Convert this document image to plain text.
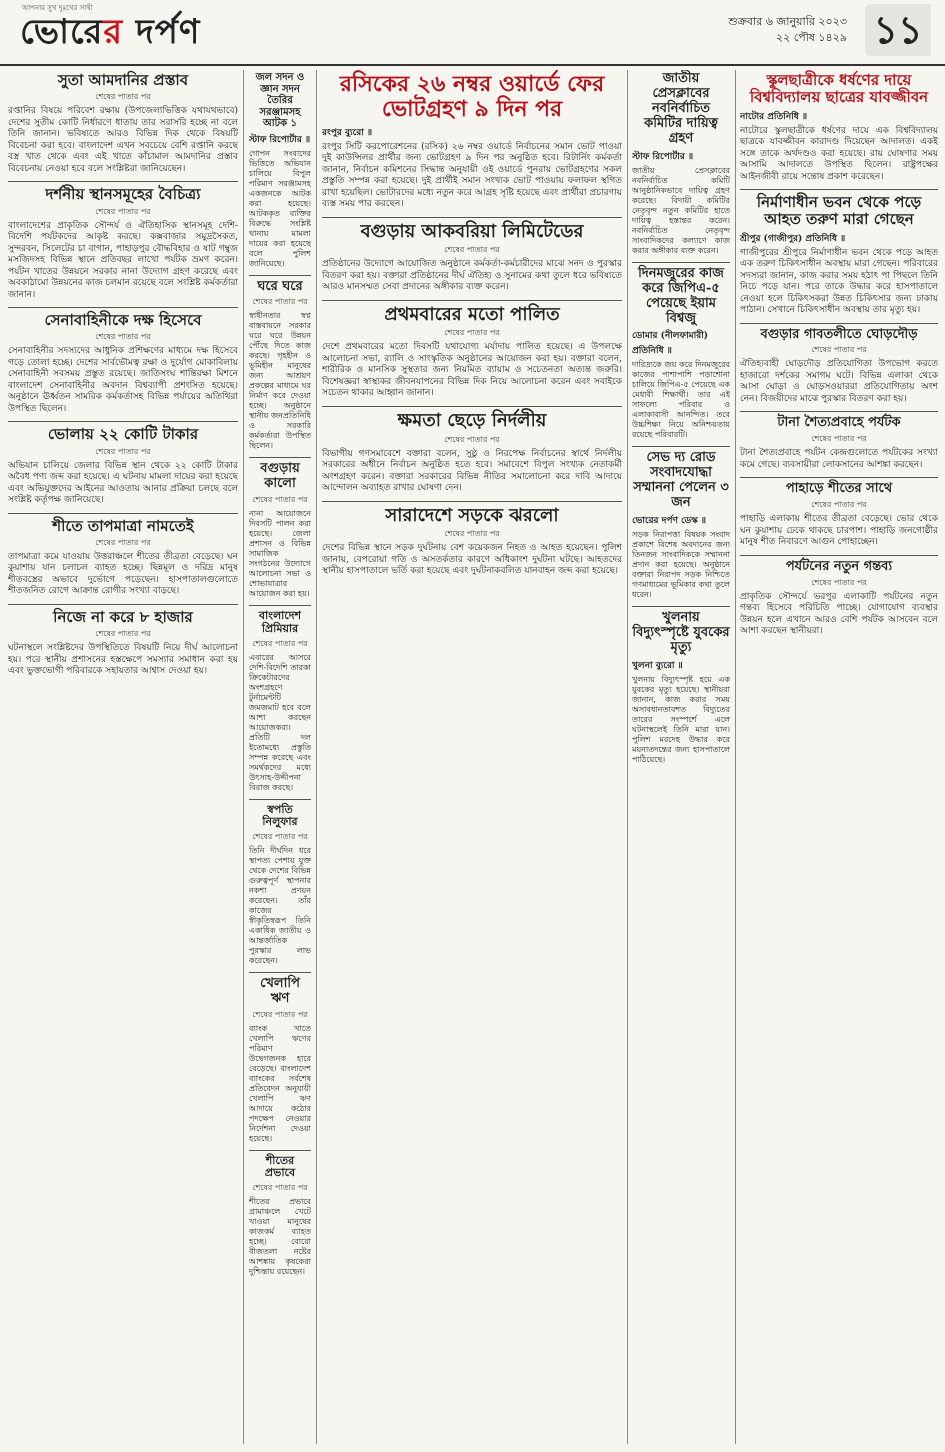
আপনার সুখ দুঃখের সাথী
ভোরের দর্পণ	শুক্রবার ৬ জানুয়ারি ২০২৩
২২ পৌষ ১৪২৯ ১১
সুতা আমদানির প্রস্তাব
শেষের পাতার পর
রপ্তানির বিষয়ে পরিবেশ রক্ষায় (উপজেলাভিত্তিক যথাযথভাবে) দেশের সুতীম কোটি নির্ধারণে ধাতায় তার সরাসরি হচ্ছে না বলে তিনি জানান। ভবিষ্যতে আরও বিভিন্ন দিক থেকে বিষয়টি বিবেচনা করা হবে। বাংলাদেশ এখন সবচেয়ে বেশি রপ্তানি করছে বস্ত্র খাত থেকে এবং এই খাতে কাঁচামাল আমদানির প্রস্তাব বিবেচনায় নেওয়া হবে বলে সংশ্লিষ্টরা জানিয়েছেন।
দর্শনীয় স্থানসমূহের বৈচিত্র্য
শেষের পাতার পর
বাংলাদেশের প্রাকৃতিক সৌন্দর্য ও ঐতিহাসিক স্থানসমূহ দেশি-বিদেশি পর্যটকদের আকৃষ্ট করছে। কক্সবাজার সমুদ্রসৈকত, সুন্দরবন, সিলেটের চা বাগান, পাহাড়পুর বৌদ্ধবিহার ও ষাট গম্বুজ মসজিদসহ বিভিন্ন স্থানে প্রতিবছর লাখো পর্যটক ভ্রমণ করেন। পর্যটন খাতের উন্নয়নে সরকার নানা উদ্যোগ গ্রহণ করেছে এবং অবকাঠামো উন্নয়নের কাজ চলমান রয়েছে বলে সংশ্লিষ্ট কর্মকর্তারা জানান।
সেনাবাহিনীকে দক্ষ হিসেবে
শেষের পাতার পর
সেনাবাহিনীর সদস্যদের আধুনিক প্রশিক্ষণের মাধ্যমে দক্ষ হিসেবে গড়ে তোলা হচ্ছে। দেশের সার্বভৌমত্ব রক্ষা ও দুর্যোগ মোকাবিলায় সেনাবাহিনী সবসময় প্রস্তুত রয়েছে। জাতিসংঘ শান্তিরক্ষা মিশনে বাংলাদেশ সেনাবাহিনীর অবদান বিশ্বব্যাপী প্রশংসিত হয়েছে। অনুষ্ঠানে ঊর্ধ্বতন সামরিক কর্মকর্তাসহ বিভিন্ন পর্যায়ের অতিথিরা উপস্থিত ছিলেন।
ভোলায় ২২ কোটি টাকার
শেষের পাতার পর
অভিযান চালিয়ে জেলার বিভিন্ন স্থান থেকে ২২ কোটি টাকার অবৈধ পণ্য জব্দ করা হয়েছে। এ ঘটনায় মামলা দায়ের করা হয়েছে এবং অভিযুক্তদের আইনের আওতায় আনার প্রক্রিয়া চলছে বলে সংশ্লিষ্ট কর্তৃপক্ষ জানিয়েছে।
শীতে তাপমাত্রা নামতেই
শেষের পাতার পর
তাপমাত্রা কমে যাওয়ায় উত্তরাঞ্চলে শীতের তীব্রতা বেড়েছে। ঘন কুয়াশায় যান চলাচল ব্যাহত হচ্ছে। ছিন্নমূল ও দরিদ্র মানুষ শীতবস্ত্রের অভাবে দুর্ভোগে পড়েছেন। হাসপাতালগুলোতে শীতজনিত রোগে আক্রান্ত রোগীর সংখ্যা বাড়ছে।
নিজে না করে ৮ হাজার
শেষের পাতার পর
ঘটনাস্থলে সংশ্লিষ্টদের উপস্থিতিতে বিষয়টি নিয়ে দীর্ঘ আলোচনা হয়। পরে স্থানীয় প্রশাসনের হস্তক্ষেপে সমস্যার সমাধান করা হয় এবং ভুক্তভোগী পরিবারকে সহায়তার আশ্বাস দেওয়া হয়।
জল সদন ও জ্ঞান সদন তৈরির সরঞ্জামসহ আটক ১
স্টাফ রিপোর্টার ॥
গোপন সংবাদের ভিত্তিতে অভিযান চালিয়ে বিপুল পরিমাণ সরঞ্জামসহ একজনকে আটক করা হয়েছে। আটককৃত ব্যক্তির বিরুদ্ধে সংশ্লিষ্ট থানায় মামলা দায়ের করা হয়েছে বলে পুলিশ জানিয়েছে।
ঘরে ঘরে
শেষের পাতার পর
স্বাধীনতার স্বপ্ন বাস্তবায়নে সরকার ঘরে ঘরে উন্নয়ন পৌঁছে দিতে কাজ করছে। গৃহহীন ও ভূমিহীন মানুষের জন্য আশ্রয়ণ প্রকল্পের মাধ্যমে ঘর নির্মাণ করে দেওয়া হচ্ছে। অনুষ্ঠানে স্থানীয় জনপ্রতিনিধি ও সরকারি কর্মকর্তারা উপস্থিত ছিলেন।
বগুড়ায় কালো
শেষের পাতার পর
নানা আয়োজনে দিবসটি পালন করা হয়েছে। জেলা প্রশাসন ও বিভিন্ন সামাজিক সংগঠনের উদ্যোগে আলোচনা সভা ও শোভাযাত্রার আয়োজন করা হয়।
বাংলাদেশ প্রিমিয়ার
শেষের পাতার পর
এবারের আসরে দেশি-বিদেশি তারকা ক্রিকেটারদের অংশগ্রহণে টুর্নামেন্টটি জমজমাট হবে বলে আশা করছেন আয়োজকরা। প্রতিটি দল ইতোমধ্যে প্রস্তুতি সম্পন্ন করেছে এবং সমর্থকদের মধ্যে উৎসাহ-উদ্দীপনা বিরাজ করছে।
স্বপতি নিলুফার
শেষের পাতার পর
তিনি দীর্ঘদিন ধরে স্থাপত্য পেশায় যুক্ত থেকে দেশের বিভিন্ন গুরুত্বপূর্ণ স্থাপনার নকশা প্রণয়ন করেছেন। তাঁর কাজের স্বীকৃতিস্বরূপ তিনি একাধিক জাতীয় ও আন্তর্জাতিক পুরস্কার লাভ করেছেন।
খেলাপি ঋণ
শেষের পাতার পর
ব্যাংক খাতে খেলাপি ঋণের পরিমাণ উদ্বেগজনক হারে বেড়েছে। বাংলাদেশ ব্যাংকের সর্বশেষ প্রতিবেদন অনুযায়ী খেলাপি ঋণ আদায়ে কঠোর পদক্ষেপ নেওয়ার নির্দেশনা দেওয়া হয়েছে।
শীতের প্রভাবে
শেষের পাতার পর
শীতের প্রভাবে গ্রামাঞ্চলে খেটে খাওয়া মানুষের কাজকর্ম ব্যাহত হচ্ছে। বোরো বীজতলা নষ্টের আশঙ্কায় কৃষকেরা দুশ্চিন্তায় রয়েছেন।
রসিকের ২৬ নম্বর ওয়ার্ডে ফের ভোটগ্রহণ ৯ দিন পর
রংপুর ব্যুরো ॥
রংপুর সিটি করপোরেশনের (রসিক) ২৬ নম্বর ওয়ার্ডে নির্বাচনের সমান ভোট পাওয়া দুই কাউন্সিলর প্রার্থীর জন্য ভোটগ্রহণ ৯ দিন পর অনুষ্ঠিত হবে। রিটার্নিং কর্মকর্তা জানান, নির্বাচন কমিশনের সিদ্ধান্ত অনুযায়ী ওই ওয়ার্ডে পুনরায় ভোটগ্রহণের সকল প্রস্তুতি সম্পন্ন করা হয়েছে। দুই প্রার্থীই সমান সংখ্যক ভোট পাওয়ায় ফলাফল স্থগিত রাখা হয়েছিল। ভোটারদের মধ্যে নতুন করে আগ্রহ সৃষ্টি হয়েছে এবং প্রার্থীরা প্রচারণায় ব্যস্ত সময় পার করছেন।
বগুড়ায় আকবরিয়া লিমিটেডের
শেষের পাতার পর
প্রতিষ্ঠানের উদ্যোগে আয়োজিত অনুষ্ঠানে কর্মকর্তা-কর্মচারীদের মাঝে সনদ ও পুরস্কার বিতরণ করা হয়। বক্তারা প্রতিষ্ঠানের দীর্ঘ ঐতিহ্য ও সুনামের কথা তুলে ধরে ভবিষ্যতে আরও মানসম্মত সেবা প্রদানের অঙ্গীকার ব্যক্ত করেন।
প্রথমবারের মতো পালিত
শেষের পাতার পর
দেশে প্রথমবারের মতো দিবসটি যথাযোগ্য মর্যাদায় পালিত হয়েছে। এ উপলক্ষে আলোচনা সভা, র‌্যালি ও সাংস্কৃতিক অনুষ্ঠানের আয়োজন করা হয়। বক্তারা বলেন, শারীরিক ও মানসিক সুস্থতার জন্য নিয়মিত ব্যায়াম ও সচেতনতা অত্যন্ত জরুরি। বিশেষজ্ঞরা স্বাস্থ্যকর জীবনযাপনের বিভিন্ন দিক নিয়ে আলোচনা করেন এবং সবাইকে সচেতন থাকার আহ্বান জানান।
ক্ষমতা ছেড়ে নির্দলীয়
শেষের পাতার পর
বিভাগীয় গণসমাবেশে বক্তারা বলেন, সুষ্ঠু ও নিরপেক্ষ নির্বাচনের স্বার্থে নির্দলীয় সরকারের অধীনে নির্বাচন অনুষ্ঠিত হতে হবে। সমাবেশে বিপুল সংখ্যক নেতাকর্মী অংশগ্রহণ করেন। বক্তারা সরকারের বিভিন্ন নীতির সমালোচনা করে দাবি আদায়ে আন্দোলন অব্যাহত রাখার ঘোষণা দেন।
সারাদেশে সড়কে ঝরলো
শেষের পাতার পর
দেশের বিভিন্ন স্থানে সড়ক দুর্ঘটনায় বেশ কয়েকজন নিহত ও আহত হয়েছেন। পুলিশ জানায়, বেপরোয়া গতি ও অসতর্কতার কারণে অধিকাংশ দুর্ঘটনা ঘটছে। আহতদের স্থানীয় হাসপাতালে ভর্তি করা হয়েছে এবং দুর্ঘটনাকবলিত যানবাহন জব্দ করা হয়েছে।
জাতীয় প্রেসক্লাবের নবনির্বাচিত কমিটির দায়িত্ব গ্রহণ
স্টাফ রিপোর্টার ॥
জাতীয় প্রেসক্লাবের নবনির্বাচিত কমিটি আনুষ্ঠানিকভাবে দায়িত্ব গ্রহণ করেছে। বিদায়ী কমিটির নেতৃবৃন্দ নতুন কমিটির হাতে দায়িত্ব হস্তান্তর করেন। নবনির্বাচিত নেতৃবৃন্দ সাংবাদিকদের কল্যাণে কাজ করার অঙ্গীকার ব্যক্ত করেন।
দিনমজুরের কাজ করে জিপিএ-৫ পেয়েছে ইয়াম বিশ্বজু
ডোমার (নীলফামারী) প্রতিনিধি ॥
দারিদ্র্যকে জয় করে দিনমজুরের কাজের পাশাপাশি পড়াশোনা চালিয়ে জিপিএ-৫ পেয়েছে এক মেধাবী শিক্ষার্থী। তার এই সাফল্যে পরিবার ও এলাকাবাসী আনন্দিত। তবে উচ্চশিক্ষা নিয়ে অনিশ্চয়তায় রয়েছে পরিবারটি।
সেভ দ্য রোড সংবাদযোদ্ধা সম্মাননা পেলেন ৩ জন
ভোরের দর্পণ ডেস্ক ॥
সড়ক নিরাপত্তা বিষয়ক সংবাদ প্রকাশে বিশেষ অবদানের জন্য তিনজন সাংবাদিককে সম্মাননা প্রদান করা হয়েছে। অনুষ্ঠানে বক্তারা নিরাপদ সড়ক নিশ্চিতে গণমাধ্যমের ভূমিকার কথা তুলে ধরেন।
খুলনায় বিদ্যুৎস্পৃষ্টে যুবকের মৃত্যু
খুলনা ব্যুরো ॥
খুলনায় বিদ্যুৎস্পৃষ্ট হয়ে এক যুবকের মৃত্যু হয়েছে। স্থানীয়রা জানান, কাজ করার সময় অসাবধানতাবশত বিদ্যুতের তারের সংস্পর্শে এলে ঘটনাস্থলেই তিনি মারা যান। পুলিশ মরদেহ উদ্ধার করে ময়নাতদন্তের জন্য হাসপাতালে পাঠিয়েছে।
স্কুলছাত্রীকে ধর্ষণের দায়ে বিশ্ববিদ্যালয় ছাত্রের যাবজ্জীবন
নাটোর প্রতিনিধি ॥
নাটোরে স্কুলছাত্রীকে ধর্ষণের দায়ে এক বিশ্ববিদ্যালয় ছাত্রকে যাবজ্জীবন কারাদণ্ড দিয়েছেন আদালত। একই সঙ্গে তাকে অর্থদণ্ডও করা হয়েছে। রায় ঘোষণার সময় আসামি আদালতে উপস্থিত ছিলেন। রাষ্ট্রপক্ষের আইনজীবী রায়ে সন্তোষ প্রকাশ করেছেন।
নির্মাণাধীন ভবন থেকে পড়ে আহত তরুণ মারা গেছেন
শ্রীপুর (গাজীপুর) প্রতিনিধি ॥
গাজীপুরের শ্রীপুরে নির্মাণাধীন ভবন থেকে পড়ে আহত এক তরুণ চিকিৎসাধীন অবস্থায় মারা গেছেন। পরিবারের সদস্যরা জানান, কাজ করার সময় হঠাৎ পা পিছলে তিনি নিচে পড়ে যান। পরে তাকে উদ্ধার করে হাসপাতালে নেওয়া হলে চিকিৎসকরা উন্নত চিকিৎসার জন্য ঢাকায় পাঠান। সেখানে চিকিৎসাধীন অবস্থায় তার মৃত্যু হয়।
বগুড়ার গাবতলীতে ঘোড়দৌড়
শেষের পাতার পর
ঐতিহ্যবাহী ঘোড়দৌড় প্রতিযোগিতা উপভোগ করতে হাজারো দর্শকের সমাগম ঘটে। বিভিন্ন এলাকা থেকে আসা ঘোড়া ও ঘোড়সওয়াররা প্রতিযোগিতায় অংশ নেন। বিজয়ীদের মাঝে পুরস্কার বিতরণ করা হয়।
টানা শৈত্যপ্রবাহে পর্যটক
শেষের পাতার পর
টানা শৈত্যপ্রবাহে পর্যটন কেন্দ্রগুলোতে পর্যটকের সংখ্যা কমে গেছে। ব্যবসায়ীরা লোকসানের আশঙ্কা করছেন।
পাহাড়ে শীতের সাথে
শেষের পাতার পর
পাহাড়ি এলাকায় শীতের তীব্রতা বেড়েছে। ভোর থেকে ঘন কুয়াশায় ঢেকে থাকছে চারপাশ। পাহাড়ি জনগোষ্ঠীর মানুষ শীত নিবারণে আগুন পোহাচ্ছেন।
পর্যটনের নতুন গন্তব্য
শেষের পাতার পর
প্রাকৃতিক সৌন্দর্যে ভরপুর এলাকাটি পর্যটনের নতুন গন্তব্য হিসেবে পরিচিতি পাচ্ছে। যোগাযোগ ব্যবস্থার উন্নয়ন হলে এখানে আরও বেশি পর্যটক আসবেন বলে আশা করছেন স্থানীয়রা।
